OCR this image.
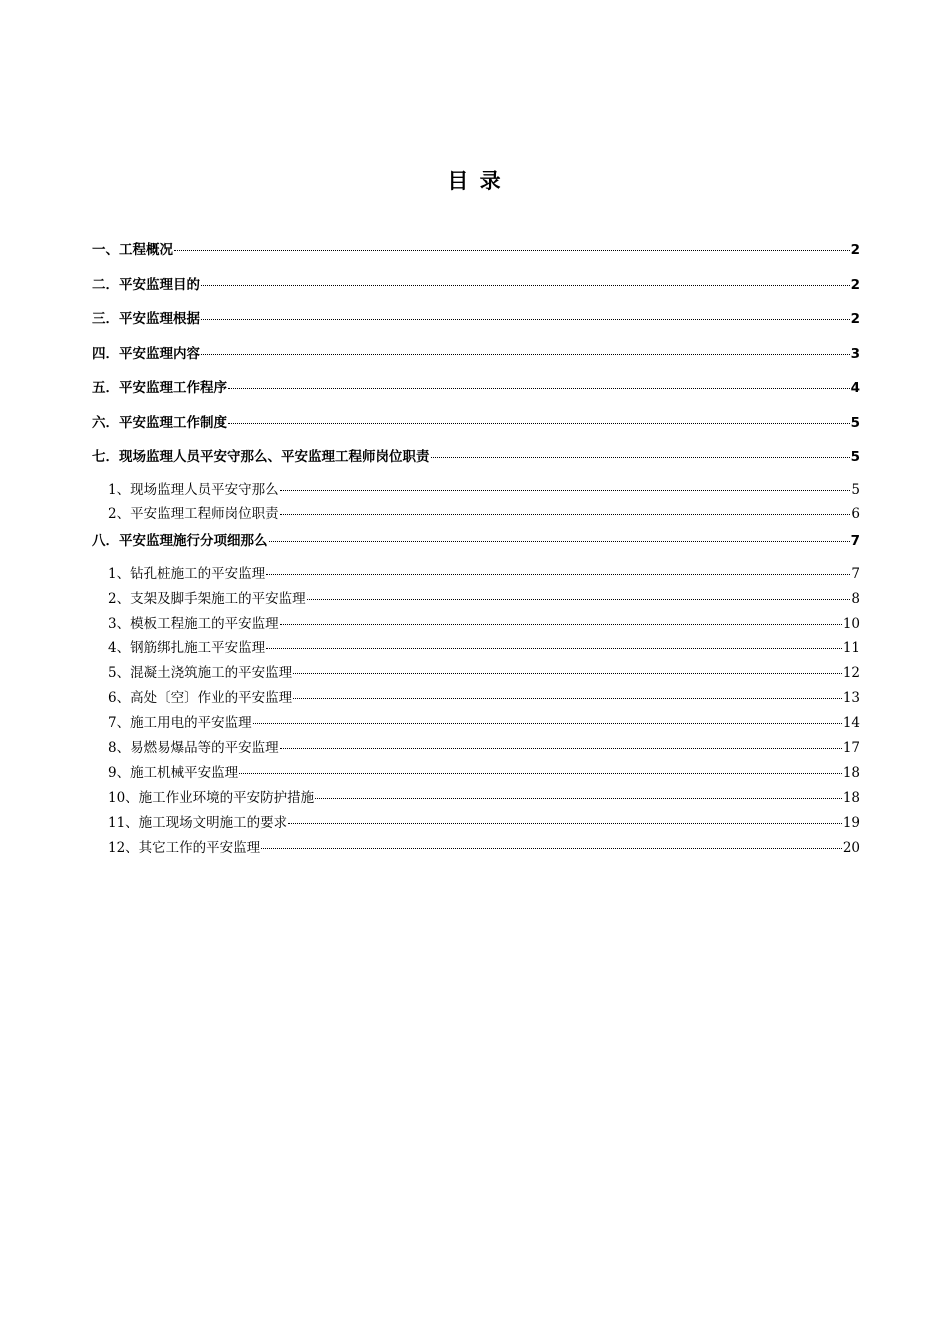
目 录
一、工程概况	2
二．平安监理目的	2
三．平安监理根据	2
四．平安监理内容	3
五．平安监理工作程序	4
六．平安监理工作制度	5
七．现场监理人员平安守那么、平安监理工程师岗位职责	5
1、现场监理人员平安守那么	5
2、平安监理工程师岗位职责	6
八．平安监理施行分项细那么	7
1、钻孔桩施工的平安监理	7
2、支架及脚手架施工的平安监理	8
3、模板工程施工的平安监理	10
4、钢筋绑扎施工平安监理	11
5、混凝土浇筑施工的平安监理	12
6、高处〔空〕作业的平安监理	13
7、施工用电的平安监理	14
8、易燃易爆品等的平安监理	17
9、施工机械平安监理	18
10、施工作业环境的平安防护措施	18
11、施工现场文明施工的要求	19
12、其它工作的平安监理	20
